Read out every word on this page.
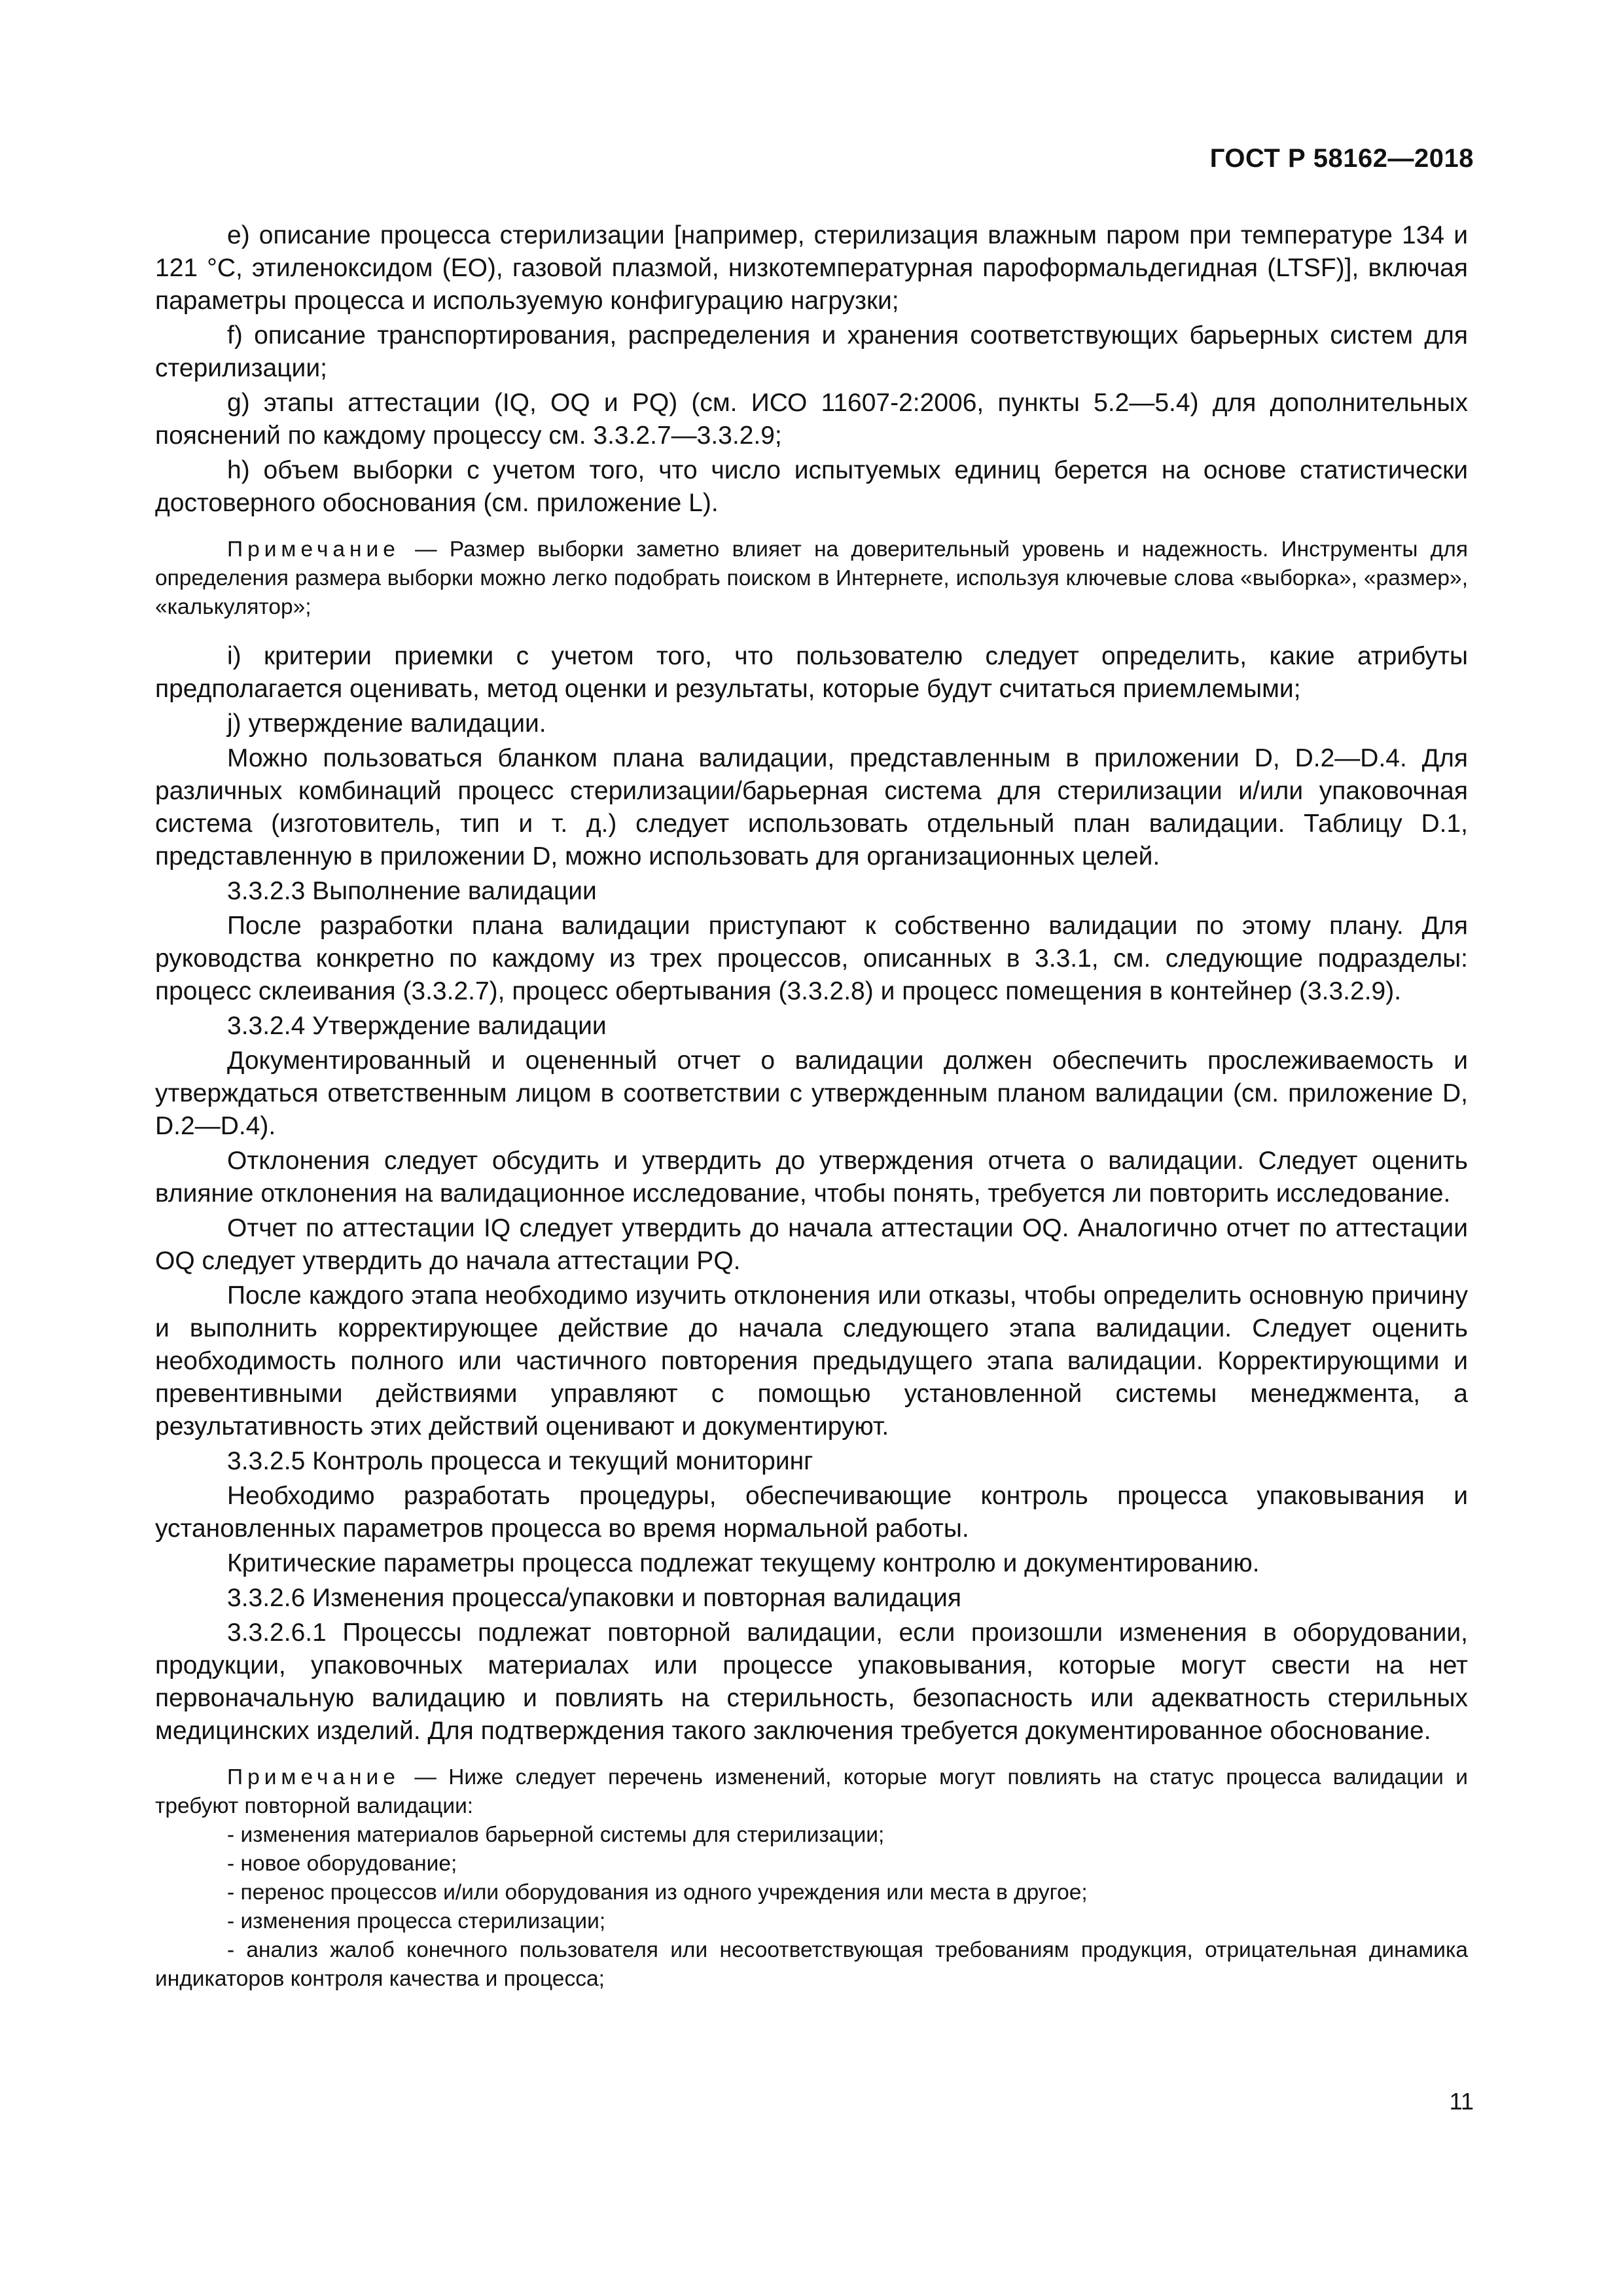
ГОСТ Р 58162—2018

е) описание процесса стерилизации [например, стерилизация влажным паром при температуре 134 и 121 °С, этиленоксидом (ЕО), газовой плазмой, низкотемпературная пароформальдегидная (LTSF)], включая параметры процесса и используемую конфигурацию нагрузки;

f) описание транспортирования, распределения и хранения соответствующих барьерных систем для стерилизации;

g) этапы аттестации (IQ, OQ и PQ) (см. ИСО 11607-2:2006, пункты 5.2—5.4) для дополнительных пояснений по каждому процессу см. 3.3.2.7—3.3.2.9;

h) объем выборки с учетом того, что число испытуемых единиц берется на основе статистически достоверного обоснования (см. приложение L).

Примечание — Размер выборки заметно влияет на доверительный уровень и надежность. Инструменты для определения размера выборки можно легко подобрать поиском в Интернете, используя ключевые слова «выборка», «размер», «калькулятор»;

i) критерии приемки с учетом того, что пользователю следует определить, какие атрибуты предполагается оценивать, метод оценки и результаты, которые будут считаться приемлемыми;

j) утверждение валидации.

Можно пользоваться бланком плана валидации, представленным в приложении D, D.2—D.4. Для различных комбинаций процесс стерилизации/барьерная система для стерилизации и/или упаковочная система (изготовитель, тип и т. д.) следует использовать отдельный план валидации. Таблицу D.1, представленную в приложении D, можно использовать для организационных целей.

3.3.2.3 Выполнение валидации

После разработки плана валидации приступают к собственно валидации по этому плану. Для руководства конкретно по каждому из трех процессов, описанных в 3.3.1, см. следующие подразделы: процесс склеивания (3.3.2.7), процесс обертывания (3.3.2.8) и процесс помещения в контейнер (3.3.2.9).

3.3.2.4 Утверждение валидации

Документированный и оцененный отчет о валидации должен обеспечить прослеживаемость и утверждаться ответственным лицом в соответствии с утвержденным планом валидации (см. приложение D, D.2—D.4).

Отклонения следует обсудить и утвердить до утверждения отчета о валидации. Следует оценить влияние отклонения на валидационное исследование, чтобы понять, требуется ли повторить исследование.

Отчет по аттестации IQ следует утвердить до начала аттестации OQ. Аналогично отчет по аттестации OQ следует утвердить до начала аттестации PQ.

После каждого этапа необходимо изучить отклонения или отказы, чтобы определить основную причину и выполнить корректирующее действие до начала следующего этапа валидации. Следует оценить необходимость полного или частичного повторения предыдущего этапа валидации. Корректирующими и превентивными действиями управляют с помощью установленной системы менеджмента, а результативность этих действий оценивают и документируют.

3.3.2.5 Контроль процесса и текущий мониторинг

Необходимо разработать процедуры, обеспечивающие контроль процесса упаковывания и установленных параметров процесса во время нормальной работы.

Критические параметры процесса подлежат текущему контролю и документированию.

3.3.2.6 Изменения процесса/упаковки и повторная валидация

3.3.2.6.1 Процессы подлежат повторной валидации, если произошли изменения в оборудовании, продукции, упаковочных материалах или процессе упаковывания, которые могут свести на нет первоначальную валидацию и повлиять на стерильность, безопасность или адекватность стерильных медицинских изделий. Для подтверждения такого заключения требуется документированное обоснование.

Примечание — Ниже следует перечень изменений, которые могут повлиять на статус процесса валидации и требуют повторной валидации:

- изменения материалов барьерной системы для стерилизации;
- новое оборудование;
- перенос процессов и/или оборудования из одного учреждения или места в другое;
- изменения процесса стерилизации;
- анализ жалоб конечного пользователя или несоответствующая требованиям продукция, отрицательная динамика индикаторов контроля качества и процесса;
11
